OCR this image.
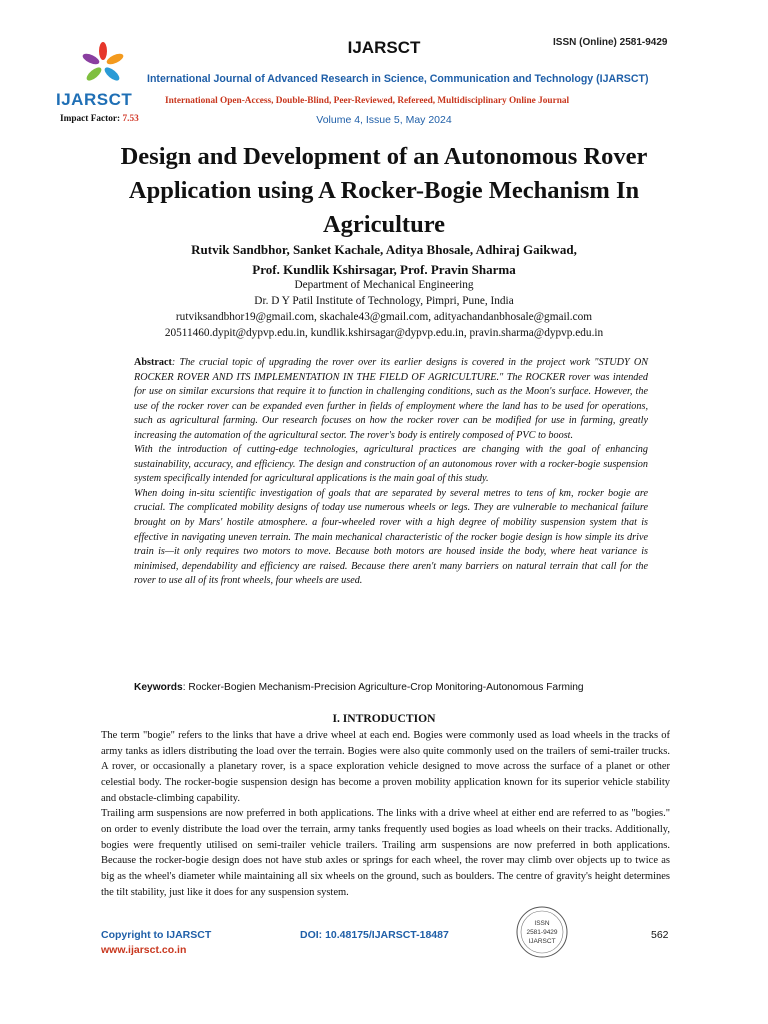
IJARSCT
IJARSCT	ISSN (Online) 2581-9429
International Journal of Advanced Research in Science, Communication and Technology (IJARSCT)
International Open-Access, Double-Blind, Peer-Reviewed, Refereed, Multidisciplinary Online Journal
Impact Factor: 7.53	Volume 4, Issue 5, May 2024
Design and Development of an Autonomous Rover Application using A Rocker-Bogie Mechanism In Agriculture
Rutvik Sandbhor, Sanket Kachale, Aditya Bhosale, Adhiraj Gaikwad,
Prof. Kundlik Kshirsagar, Prof. Pravin Sharma
Department of Mechanical Engineering
Dr. D Y Patil Institute of Technology, Pimpri, Pune, India
rutviksandbhor19@gmail.com, skachale43@gmail.com, adityachandanbhosale@gmail.com
20511460.dypit@dypvp.edu.in, kundlik.kshirsagar@dypvp.edu.in, pravin.sharma@dypvp.edu.in

Abstract: The crucial topic of upgrading the rover over its earlier designs is covered in the project work "STUDY ON ROCKER ROVER AND ITS IMPLEMENTATION IN THE FIELD OF AGRICULTURE." The ROCKER rover was intended for use on similar excursions that require it to function in challenging conditions, such as the Moon's surface. However, the use of the rocker rover can be expanded even further in fields of employment where the land has to be used for operations, such as agricultural farming. Our research focuses on how the rocker rover can be modified for use in farming, greatly increasing the automation of the agricultural sector. The rover's body is entirely composed of PVC to boost.

With the introduction of cutting-edge technologies, agricultural practices are changing with the goal of enhancing sustainability, accuracy, and efficiency. The design and construction of an autonomous rover with a rocker-bogie suspension system specifically intended for agricultural applications is the main goal of this study.

When doing in-situ scientific investigation of goals that are separated by several metres to tens of km, rocker bogie are crucial. The complicated mobility designs of today use numerous wheels or legs. They are vulnerable to mechanical failure brought on by Mars' hostile atmosphere. a four-wheeled rover with a high degree of mobility suspension system that is effective in navigating uneven terrain. The main mechanical characteristic of the rocker bogie design is how simple its drive train is—it only requires two motors to move. Because both motors are housed inside the body, where heat variance is minimised, dependability and efficiency are raised. Because there aren't many barriers on natural terrain that call for the rover to use all of its front wheels, four wheels are used.

Keywords: Rocker-Bogien Mechanism-Precision Agriculture-Crop Monitoring-Autonomous Farming
I. INTRODUCTION

The term "bogie" refers to the links that have a drive wheel at each end. Bogies were commonly used as load wheels in the tracks of army tanks as idlers distributing the load over the terrain. Bogies were also quite commonly used on the trailers of semi-trailer trucks. A rover, or occasionally a planetary rover, is a space exploration vehicle designed to move across the surface of a planet or other celestial body. The rocker-bogie suspension design has become a proven mobility application known for its superior vehicle stability and obstacle-climbing capability.

Trailing arm suspensions are now preferred in both applications. The links with a drive wheel at either end are referred to as "bogies." on order to evenly distribute the load over the terrain, army tanks frequently used bogies as load wheels on their tracks. Additionally, bogies were frequently utilised on semi-trailer vehicle trailers. Trailing arm suspensions are now preferred in both applications. Because the rocker-bogie design does not have stub axles or springs for each wheel, the rover may climb over objects up to twice as big as the wheel's diameter while maintaining all six wheels on the ground, such as boulders. The centre of gravity's height determines the tilt stability, just like it does for any suspension system.

Copyright to IJARSCT
www.ijarsct.co.in
DOI: 10.48175/IJARSCT-18487
ISSN
2581-9429
IJARSCT
562
